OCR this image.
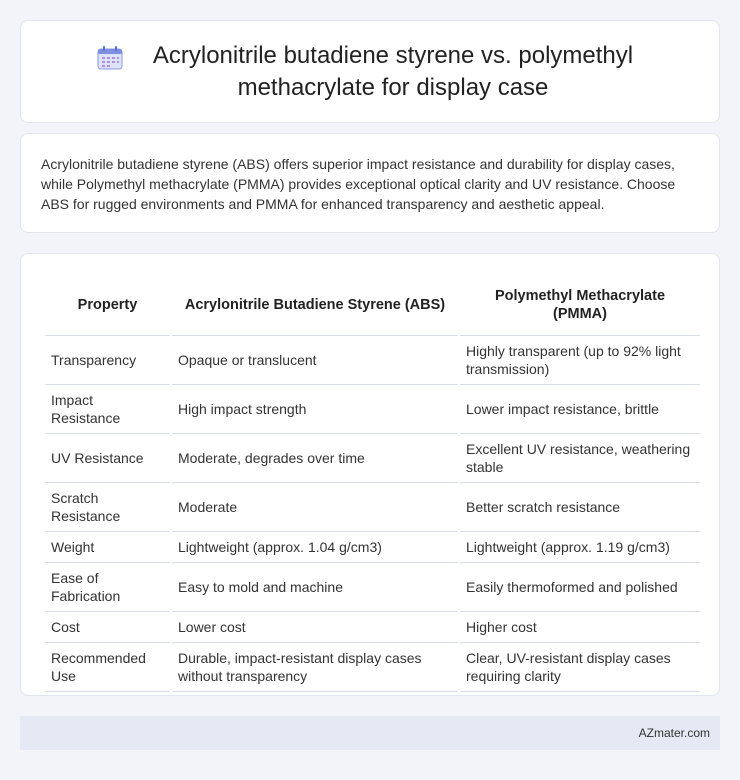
Acrylonitrile butadiene styrene vs. polymethyl methacrylate for display case

Acrylonitrile butadiene styrene (ABS) offers superior impact resistance and durability for display cases, while Polymethyl methacrylate (PMMA) provides exceptional optical clarity and UV resistance. Choose ABS for rugged environments and PMMA for enhanced transparency and aesthetic appeal.

Property	Acrylonitrile Butadiene Styrene (ABS)	Polymethyl Methacrylate (PMMA)
Transparency	Opaque or translucent	Highly transparent (up to 92% light transmission)
Impact Resistance	High impact strength	Lower impact resistance, brittle
UV Resistance	Moderate, degrades over time	Excellent UV resistance, weathering stable
Scratch Resistance	Moderate	Better scratch resistance
Weight	Lightweight (approx. 1.04 g/cm3)	Lightweight (approx. 1.19 g/cm3)
Ease of Fabrication	Easy to mold and machine	Easily thermoformed and polished
Cost	Lower cost	Higher cost
Recommended Use	Durable, impact-resistant display cases without transparency	Clear, UV-resistant display cases requiring clarity
AZmater.com
